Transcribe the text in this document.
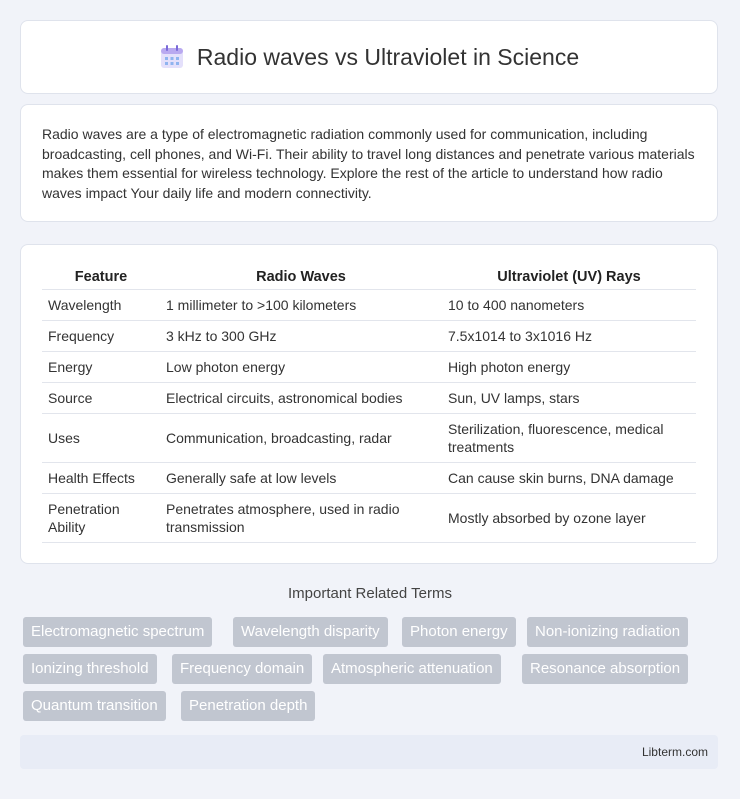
Radio waves vs Ultraviolet in Science
Radio waves are a type of electromagnetic radiation commonly used for communication, including broadcasting, cell phones, and Wi-Fi. Their ability to travel long distances and penetrate various materials makes them essential for wireless technology. Explore the rest of the article to understand how radio waves impact Your daily life and modern connectivity.
Feature	Radio Waves	Ultraviolet (UV) Rays
Wavelength	1 millimeter to >100 kilometers	10 to 400 nanometers
Frequency	3 kHz to 300 GHz	7.5x1014 to 3x1016 Hz
Energy	Low photon energy	High photon energy
Source	Electrical circuits, astronomical bodies	Sun, UV lamps, stars
Uses	Communication, broadcasting, radar	Sterilization, fluorescence, medical treatments
Health Effects	Generally safe at low levels	Can cause skin burns, DNA damage
Penetration Ability	Penetrates atmosphere, used in radio transmission	Mostly absorbed by ozone layer
Important Related Terms
Electromagnetic spectrum	Wavelength disparity	Photon energy	Non-ionizing radiation
Ionizing threshold	Frequency domain	Atmospheric attenuation	Resonance absorption
Quantum transition	Penetration depth
Libterm.com
